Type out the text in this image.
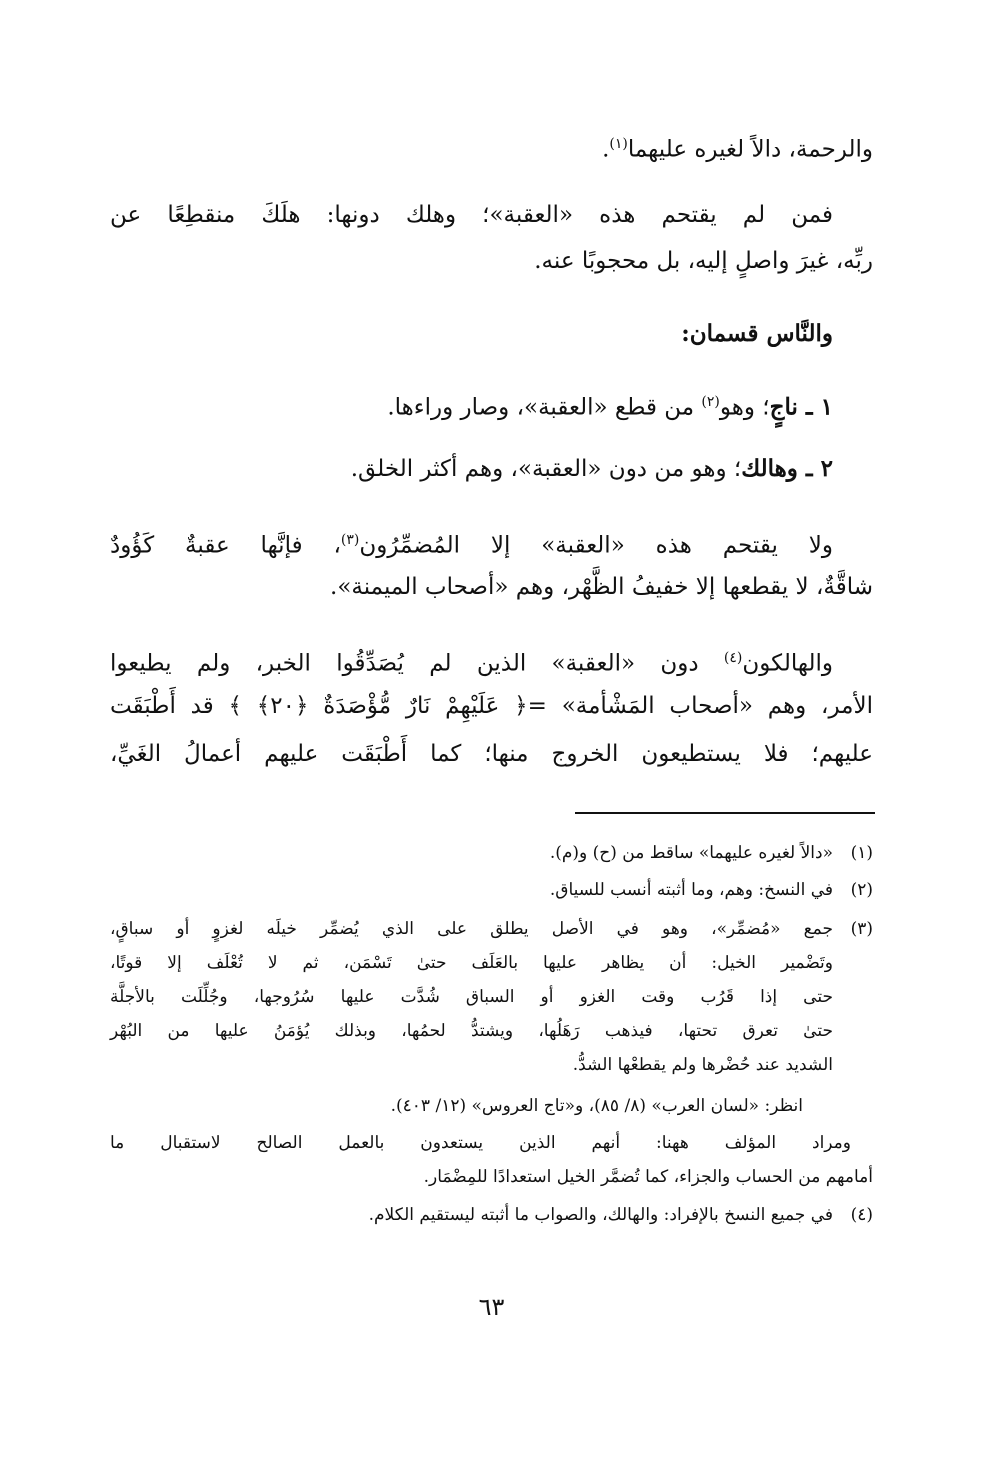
والرحمة، دالاً لغيره عليهما$^{(١)}$.
فمن لم يقتحم هذه «العقبة»؛ وهلك دونها: هلَكَ منقطِعًا عن
ربِّه، غيرَ واصلٍ إليه، بل محجوبًا عنه.
والنَّاس قسمان:
١ ـ ناجٍ؛ وهو$^{(٢)}$ من قطع «العقبة»، وصار وراءها.
٢ ـ وهالك؛ وهو من دون «العقبة»، وهم أكثر الخلق.
ولا يقتحم هذه «العقبة» إلا المُضمِّرُون$^{(٣)}$، فإنَّها عقبةٌ كَؤُودٌ
شاقَّةٌ، لا يقطعها إلا خفيفُ الظَّهْر، وهم «أصحاب الميمنة».
والهالكون$^{(٤)}$ دون «العقبة» الذين لم يُصَدِّقُوا الخبر، ولم يطيعوا
الأمر، وهم «أصحاب المَشْأمة» =﴿ عَلَيْهِمْ نَارٌ مُّؤْصَدَةٌ ﴿٢٠﴾ ﴾ قد أَطْبَقَت
عليهم؛ فلا يستطيعون الخروج منها؛ كما أَطْبَقَت عليهم أعمالُ الغَيِّ،
(١)
«دالاً لغيره عليهما» ساقط من (ح) و(م).
(٢)
في النسخ: وهم، وما أثبته أنسب للسياق.
(٣)
جمع «مُضمِّر»، وهو في الأصل يطلق على الذي يُضمِّر خيلَه لغزوٍ أو سباقٍ،
وتَضْمير الخيل: أن يظاهر عليها بالعَلَف حتىٰ تَسْمَن، ثم لا تُعْلَف إلا قوتًا،
حتى إذا قَرُب وقت الغزو أو السباق شُدَّت عليها سُرُوجها، وجُلِّلَت بالأجلَّة
حتىٰ تعرق تحتها، فيذهب رَهَلُها، ويشتدُّ لحمُها، وبذلك يُؤمَنُ عليها من البُهْر
الشديد عند حُضْرها ولم يقطعْها الشدُّ.
انظر: «لسان العرب» (٨/ ٨٥)، و«تاج العروس» (١٢/ ٤٠٣).
ومراد المؤلف ههنا: أنهم الذين يستعدون بالعمل الصالح لاستقبال ما
أمامهم من الحساب والجزاء، كما تُضمَّر الخيل استعدادًا للمِضْمَار.
(٤)
في جميع النسخ بالإفراد: والهالك، والصواب ما أثبته ليستقيم الكلام.
٦٣
